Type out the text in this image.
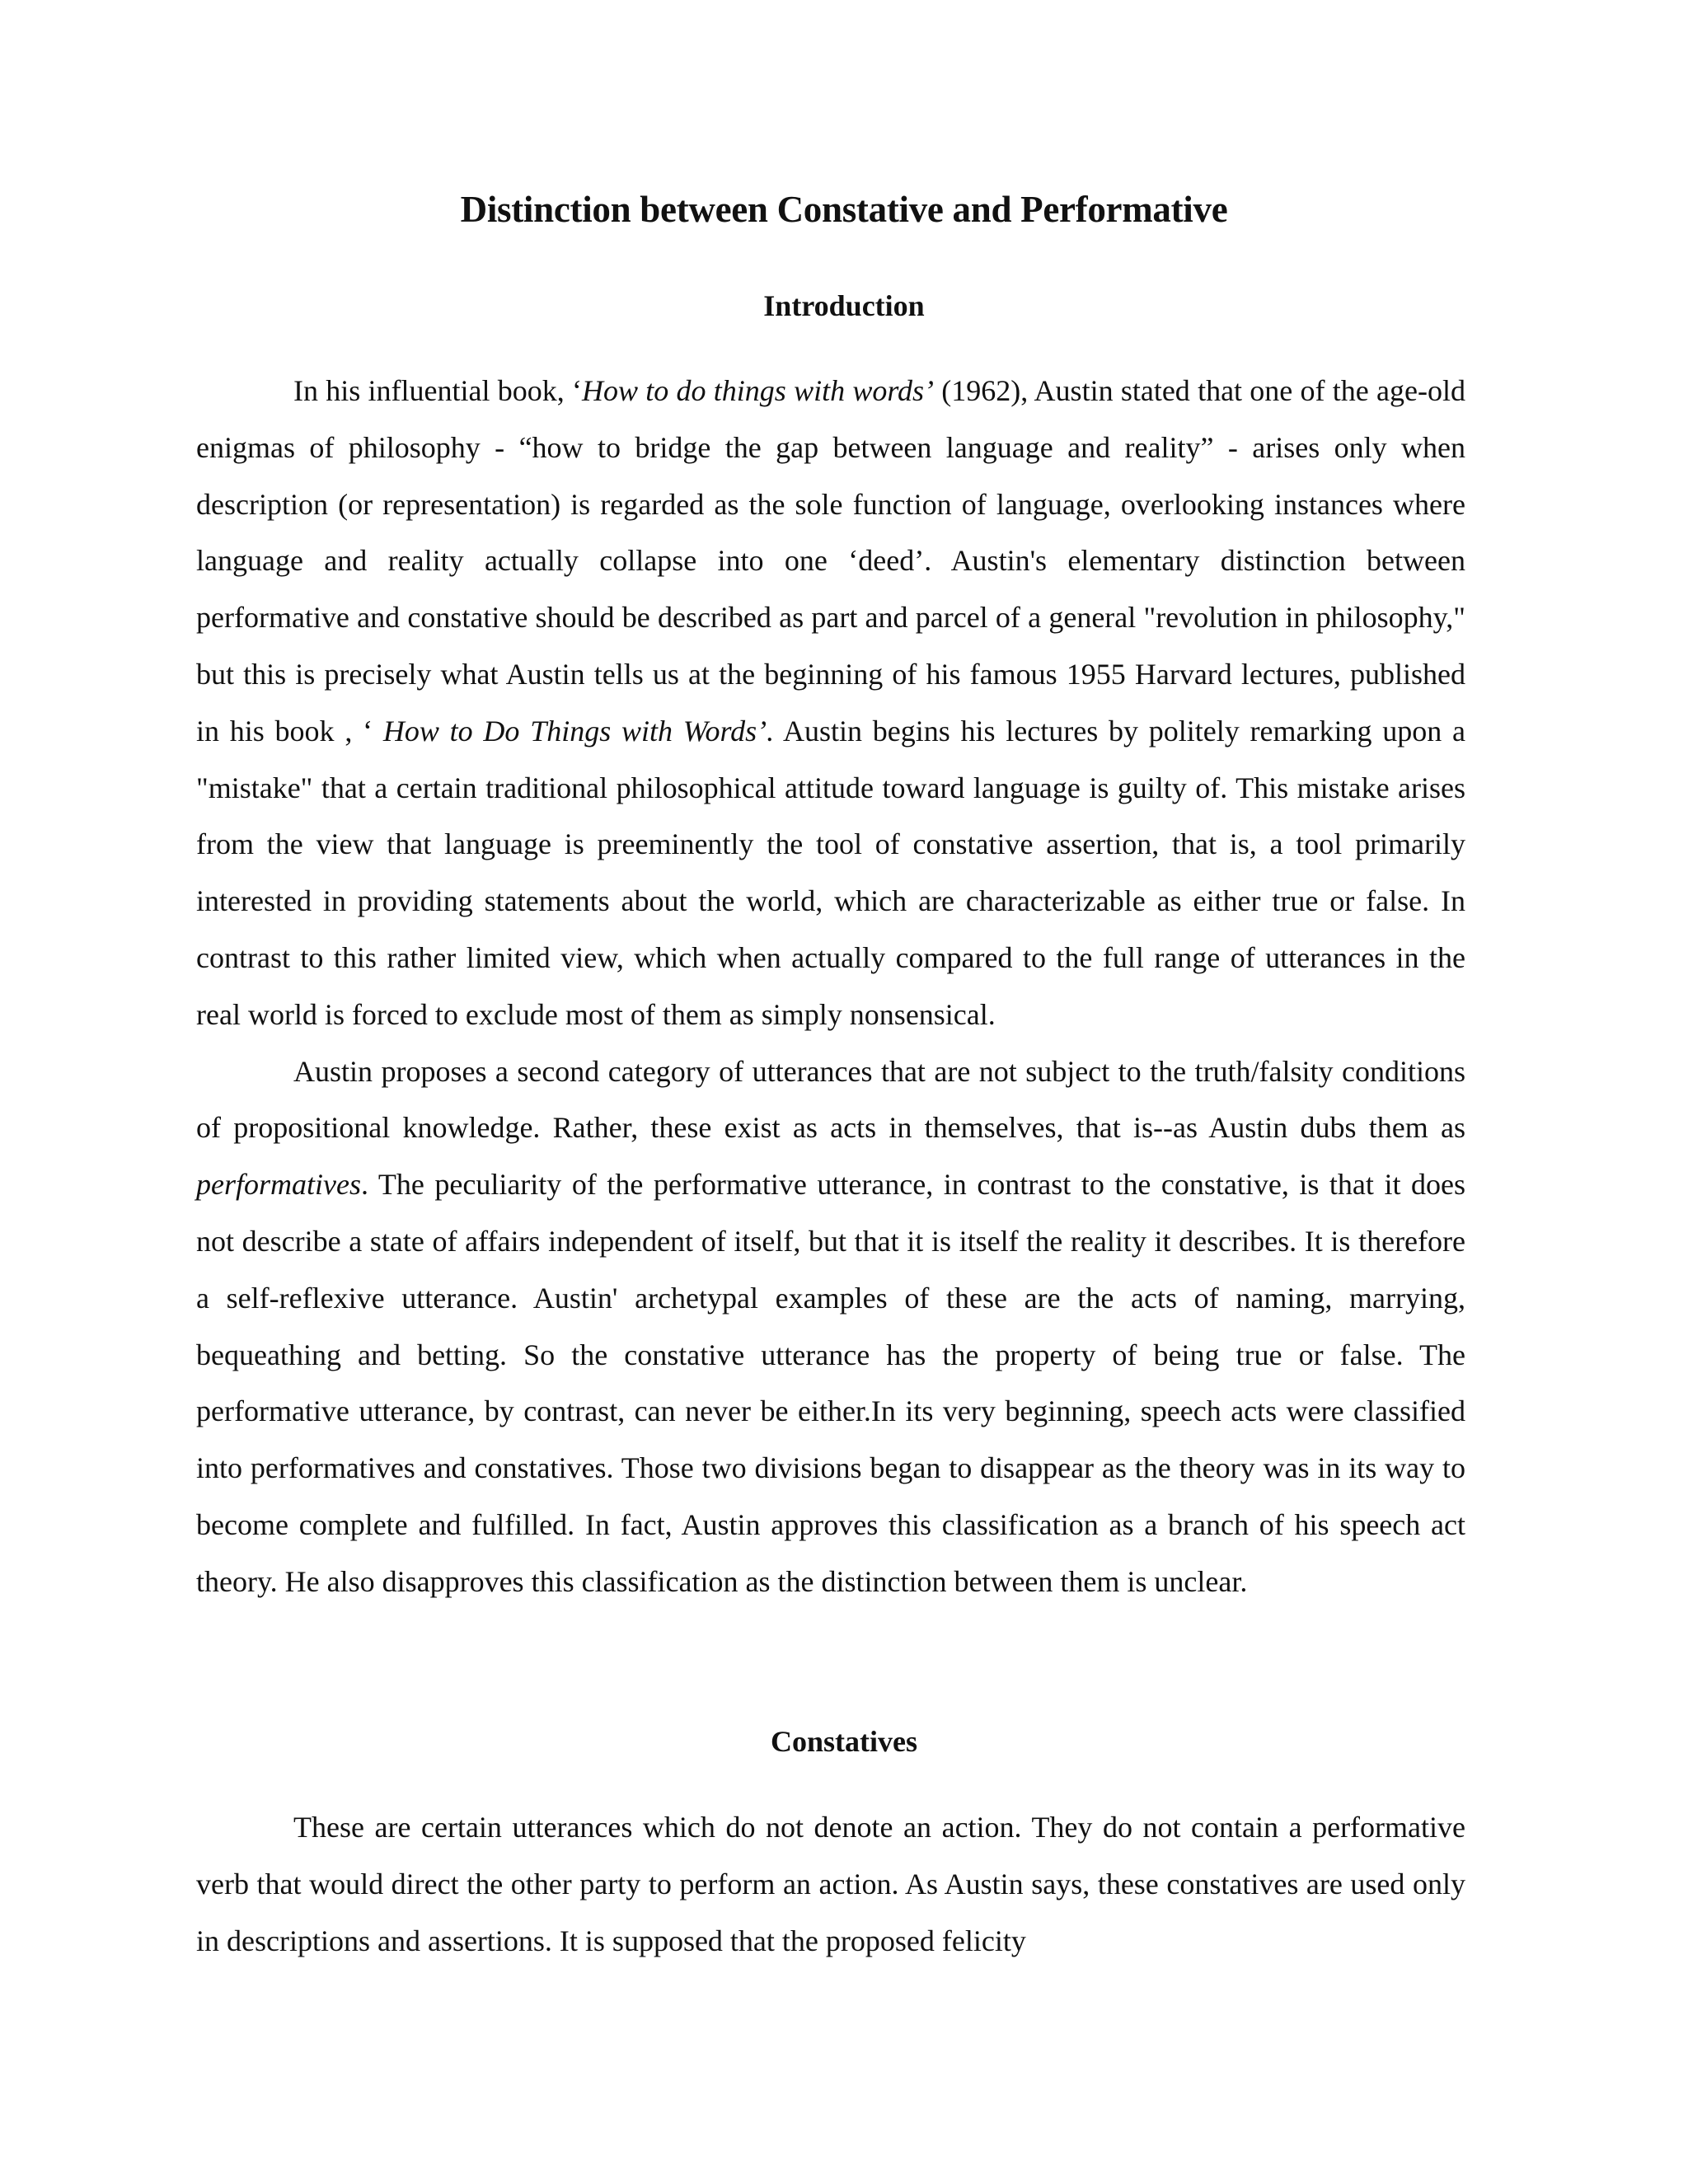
Distinction between Constative and Performative
Introduction

In his influential book, ‘How to do things with words’ (1962), Austin stated that one of the age-old enigmas of philosophy - “how to bridge the gap between language and reality” - arises only when description (or representation) is regarded as the sole function of language, overlooking instances where language and reality actually collapse into one ‘deed’. Austin's elementary distinction between performative and constative should be described as part and parcel of a general "revolution in philosophy," but this is precisely what Austin tells us at the beginning of his famous 1955 Harvard lectures, published in his book , ‘ How to Do Things with Words’. Austin begins his lectures by politely remarking upon a "mistake" that a certain traditional philosophical attitude toward language is guilty of. This mistake arises from the view that language is preeminently the tool of constative assertion, that is, a tool primarily interested in providing statements about the world, which are characterizable as either true or false. In contrast to this rather limited view, which when actually compared to the full range of utterances in the real world is forced to exclude most of them as simply nonsensical.

Austin proposes a second category of utterances that are not subject to the truth/falsity conditions of propositional knowledge. Rather, these exist as acts in themselves, that is--as Austin dubs them as performatives. The peculiarity of the performative utterance, in contrast to the constative, is that it does not describe a state of affairs independent of itself, but that it is itself the reality it describes. It is therefore a self-reflexive utterance. Austin' archetypal examples of these are the acts of naming, marrying, bequeathing and betting. So the constative utterance has the property of being true or false. The performative utterance, by contrast, can never be either.In its very beginning, speech acts were classified into performatives and constatives. Those two divisions began to disappear as the theory was in its way to become complete and fulfilled. In fact, Austin approves this classification as a branch of his speech act theory. He also disapproves this classification as the distinction between them is unclear.

Constatives

These are certain utterances which do not denote an action. They do not contain a performative verb that would direct the other party to perform an action. As Austin says, these constatives are used only in descriptions and assertions. It is supposed that the proposed felicity
